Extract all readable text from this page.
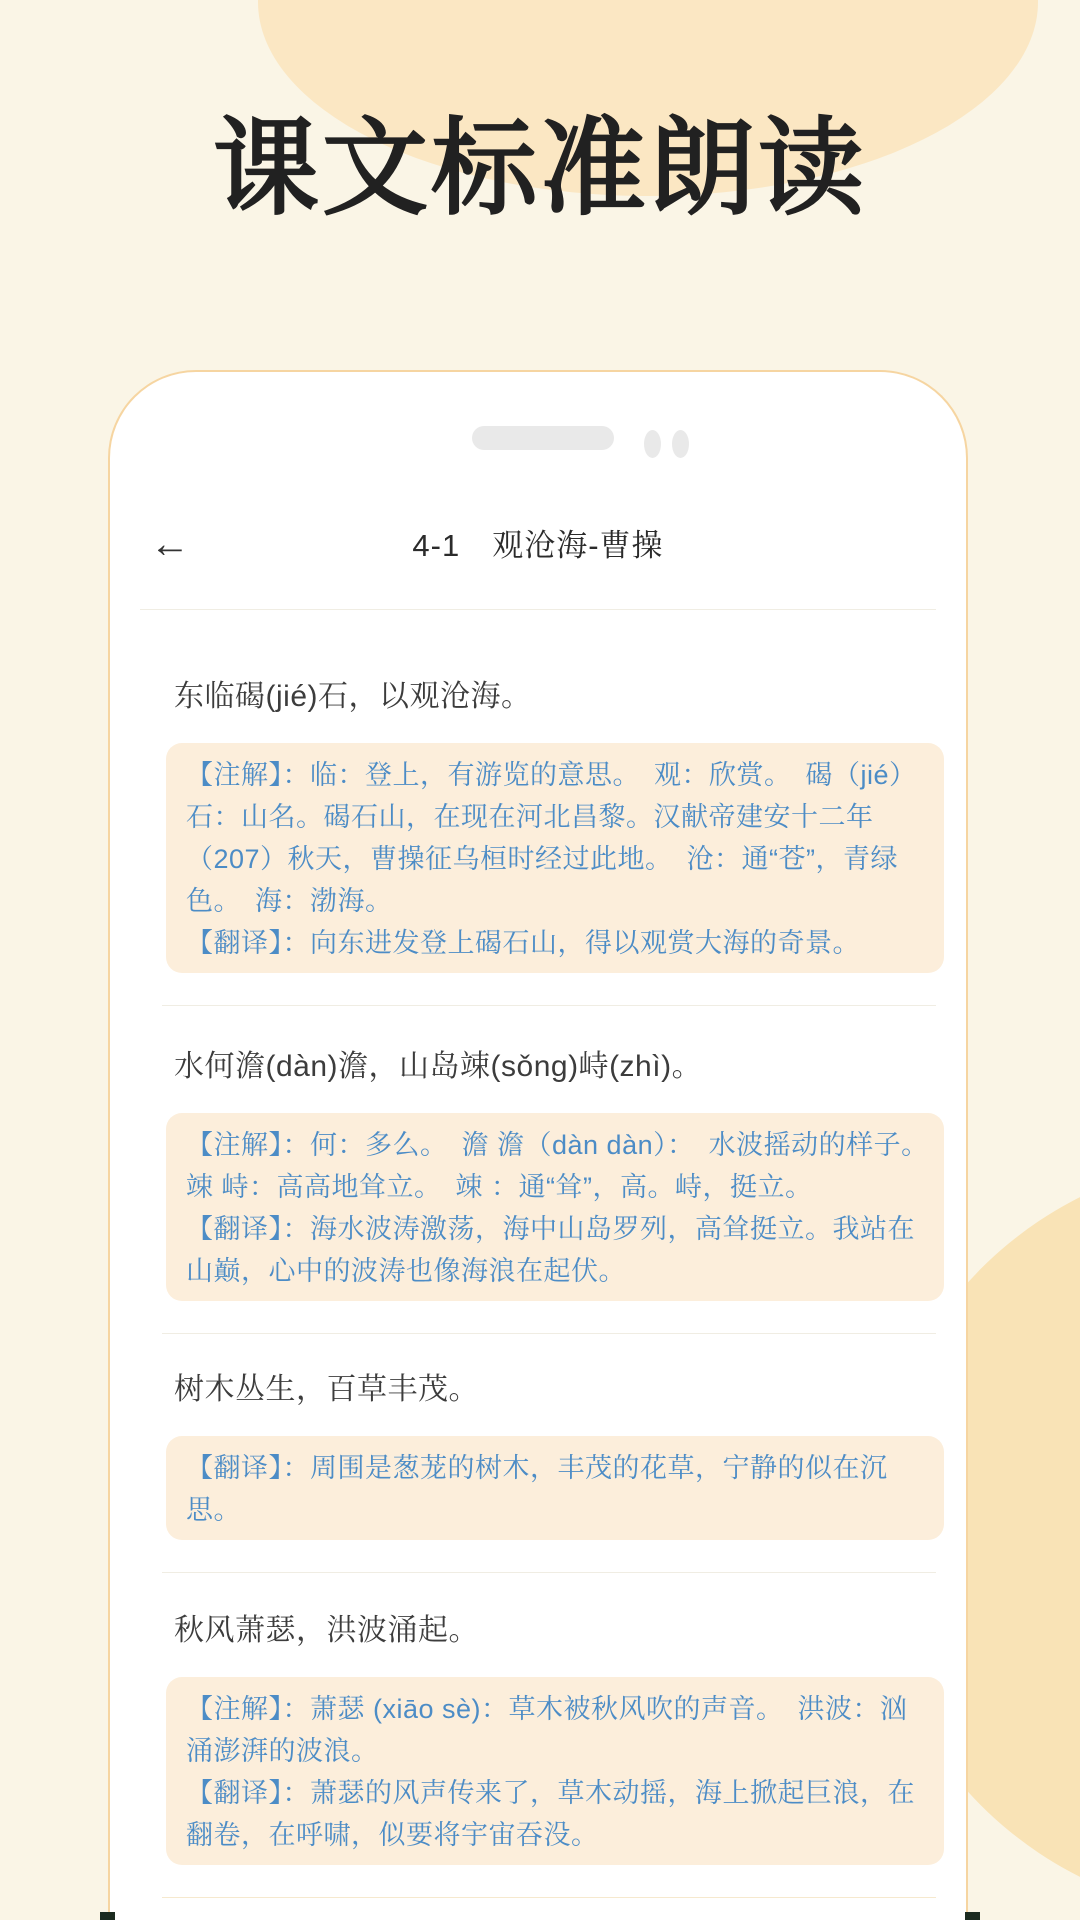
课文标准朗读
←	4-1　观沧海-曹操

东临碣(jié)石，以观沧海。

【注解】：临：登上，有游览的意思。　观：欣赏。　碣（jié）石：山名。碣石山，在现在河北昌黎。汉献帝建安十二年（207）秋天，曹操征乌桓时经过此地。　沧：通“苍”，青绿色。　海：渤海。

【翻译】：向东进发登上碣石山，得以观赏大海的奇景。

水何澹(dàn)澹，山岛竦(sǒng)峙(zhì)。

【注解】：何：多么。　澹 澹（dàn dàn）：　水波摇动的样子。　竦 峙：高高地耸立。　竦 ：通“耸”，高。峙，挺立。

【翻译】：海水波涛激荡，海中山岛罗列，高耸挺立。我站在山巅，心中的波涛也像海浪在起伏。

树木丛生，百草丰茂。

【翻译】：周围是葱茏的树木，丰茂的花草，宁静的似在沉思。

秋风萧瑟，洪波涌起。

【注解】：萧瑟 (xiāo sè)：草木被秋风吹的声音。　洪波：汹涌澎湃的波浪。

【翻译】：萧瑟的风声传来了，草木动摇，海上掀起巨浪，在翻卷，在呼啸，似要将宇宙吞没。
